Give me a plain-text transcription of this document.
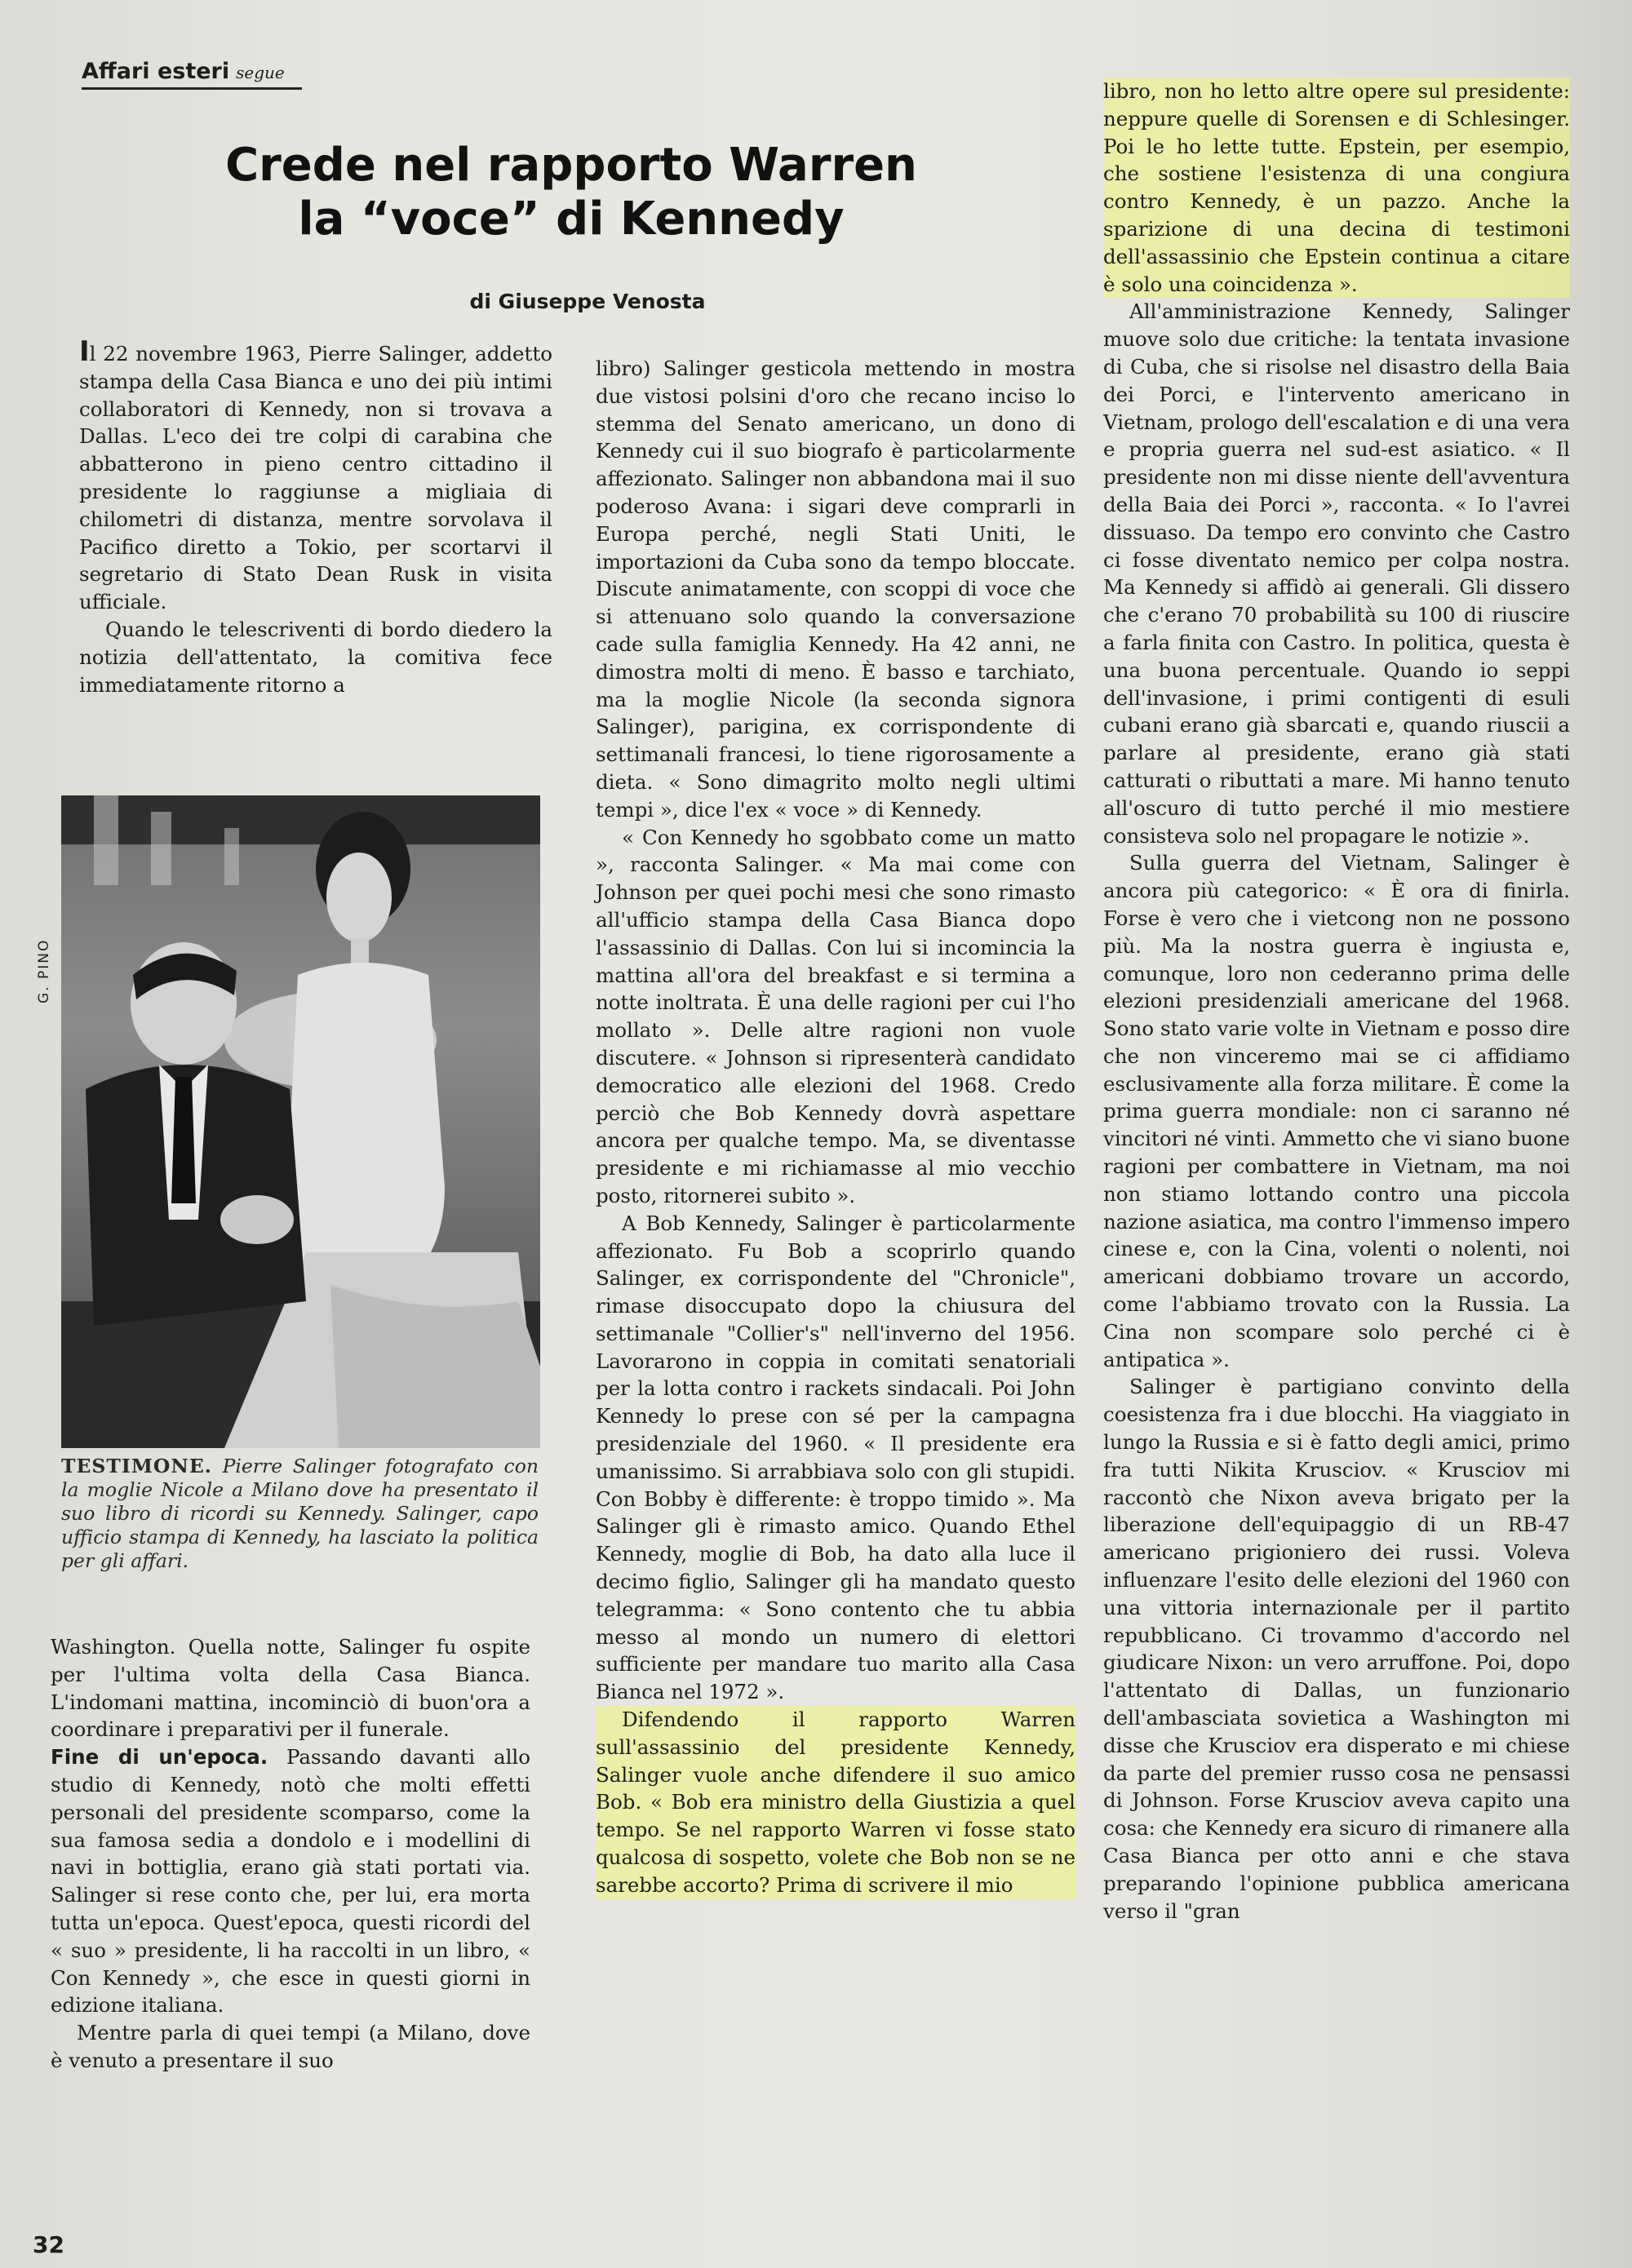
Affari esteri segue
Crede nel rapporto Warren
la “voce” di Kennedy
di Giuseppe Venosta

Il 22 novembre 1963, Pierre Salinger, addetto stampa della Casa Bianca e uno dei più intimi collaboratori di Kennedy, non si trovava a Dallas. L'eco dei tre colpi di carabina che abbatterono in pieno centro cittadino il presidente lo raggiunse a migliaia di chilometri di distanza, mentre sorvolava il Pacifico diretto a Tokio, per scortarvi il segretario di Stato Dean Rusk in visita ufficiale.

Quando le telescriventi di bordo diedero la notizia dell'attentato, la comitiva fece immediatamente ritorno a

G. PINO
TESTIMONE. Pierre Salinger fotografato con la moglie Nicole a Milano dove ha presentato il suo libro di ricordi su Kennedy. Salinger, capo ufficio stampa di Kennedy, ha lasciato la politica per gli affari.

Washington. Quella notte, Salinger fu ospite per l'ultima volta della Casa Bianca. L'indomani mattina, incominciò di buon'ora a coordinare i preparativi per il funerale.

Fine di un'epoca. Passando davanti allo studio di Kennedy, notò che molti effetti personali del presidente scomparso, come la sua famosa sedia a dondolo e i modellini di navi in bottiglia, erano già stati portati via. Salinger si rese conto che, per lui, era morta tutta un'epoca. Quest'epoca, questi ricordi del « suo » presidente, li ha raccolti in un libro, « Con Kennedy », che esce in questi giorni in edizione italiana.

Mentre parla di quei tempi (a Milano, dove è venuto a presentare il suo

libro) Salinger gesticola mettendo in mostra due vistosi polsini d'oro che recano inciso lo stemma del Senato americano, un dono di Kennedy cui il suo biografo è particolarmente affezionato. Salinger non abbandona mai il suo poderoso Avana: i sigari deve comprarli in Europa perché, negli Stati Uniti, le importazioni da Cuba sono da tempo bloccate. Discute animatamente, con scoppi di voce che si attenuano solo quando la conversazione cade sulla famiglia Kennedy. Ha 42 anni, ne dimostra molti di meno. È basso e tarchiato, ma la moglie Nicole (la seconda signora Salinger), parigina, ex corrispondente di settimanali francesi, lo tiene rigorosamente a dieta. « Sono dimagrito molto negli ultimi tempi », dice l'ex « voce » di Kennedy.

« Con Kennedy ho sgobbato come un matto », racconta Salinger. « Ma mai come con Johnson per quei pochi mesi che sono rimasto all'ufficio stampa della Casa Bianca dopo l'assassinio di Dallas. Con lui si incomincia la mattina all'ora del breakfast e si termina a notte inoltrata. È una delle ragioni per cui l'ho mollato ». Delle altre ragioni non vuole discutere. « Johnson si ripresenterà candidato democratico alle elezioni del 1968. Credo perciò che Bob Kennedy dovrà aspettare ancora per qualche tempo. Ma, se diventasse presidente e mi richiamasse al mio vecchio posto, ritornerei subito ».

A Bob Kennedy, Salinger è particolarmente affezionato. Fu Bob a scoprirlo quando Salinger, ex corrispondente del "Chronicle", rimase disoccupato dopo la chiusura del settimanale "Collier's" nell'inverno del 1956. Lavorarono in coppia in comitati senatoriali per la lotta contro i rackets sindacali. Poi John Kennedy lo prese con sé per la campagna presidenziale del 1960. « Il presidente era umanissimo. Si arrabbiava solo con gli stupidi. Con Bobby è differente: è troppo timido ». Ma Salinger gli è rimasto amico. Quando Ethel Kennedy, moglie di Bob, ha dato alla luce il decimo figlio, Salinger gli ha mandato questo telegramma: « Sono contento che tu abbia messo al mondo un numero di elettori sufficiente per mandare tuo marito alla Casa Bianca nel 1972 ».

Difendendo il rapporto Warren sull'assassinio del presidente Kennedy, Salinger vuole anche difendere il suo amico Bob. « Bob era ministro della Giustizia a quel tempo. Se nel rapporto Warren vi fosse stato qualcosa di sospetto, volete che Bob non se ne sarebbe accorto? Prima di scrivere il mio

libro, non ho letto altre opere sul presidente: neppure quelle di Sorensen e di Schlesinger. Poi le ho lette tutte. Epstein, per esempio, che sostiene l'esistenza di una congiura contro Kennedy, è un pazzo. Anche la sparizione di una decina di testimoni dell'assassinio che Epstein continua a citare è solo una coincidenza ».

All'amministrazione Kennedy, Salinger muove solo due critiche: la tentata invasione di Cuba, che si risolse nel disastro della Baia dei Porci, e l'intervento americano in Vietnam, prologo dell'escalation e di una vera e propria guerra nel sud-est asiatico. « Il presidente non mi disse niente dell'avventura della Baia dei Porci », racconta. « Io l'avrei dissuaso. Da tempo ero convinto che Castro ci fosse diventato nemico per colpa nostra. Ma Kennedy si affidò ai generali. Gli dissero che c'erano 70 probabilità su 100 di riuscire a farla finita con Castro. In politica, questa è una buona percentuale. Quando io seppi dell'invasione, i primi contigenti di esuli cubani erano già sbarcati e, quando riuscii a parlare al presidente, erano già stati catturati o ributtati a mare. Mi hanno tenuto all'oscuro di tutto perché il mio mestiere consisteva solo nel propagare le notizie ».

Sulla guerra del Vietnam, Salinger è ancora più categorico: « È ora di finirla. Forse è vero che i vietcong non ne possono più. Ma la nostra guerra è ingiusta e, comunque, loro non cederanno prima delle elezioni presidenziali americane del 1968. Sono stato varie volte in Vietnam e posso dire che non vinceremo mai se ci affidiamo esclusivamente alla forza militare. È come la prima guerra mondiale: non ci saranno né vincitori né vinti. Ammetto che vi siano buone ragioni per combattere in Vietnam, ma noi non stiamo lottando contro una piccola nazione asiatica, ma contro l'immenso impero cinese e, con la Cina, volenti o nolenti, noi americani dobbiamo trovare un accordo, come l'abbiamo trovato con la Russia. La Cina non scompare solo perché ci è antipatica ».

Salinger è partigiano convinto della coesistenza fra i due blocchi. Ha viaggiato in lungo la Russia e si è fatto degli amici, primo fra tutti Nikita Krusciov. « Krusciov mi raccontò che Nixon aveva brigato per la liberazione dell'equipaggio di un RB-47 americano prigioniero dei russi. Voleva influenzare l'esito delle elezioni del 1960 con una vittoria internazionale per il partito repubblicano. Ci trovammo d'accordo nel giudicare Nixon: un vero arruffone. Poi, dopo l'attentato di Dallas, un funzionario dell'ambasciata sovietica a Washington mi disse che Krusciov era disperato e mi chiese da parte del premier russo cosa ne pensassi di Johnson. Forse Krusciov aveva capito una cosa: che Kennedy era sicuro di rimanere alla Casa Bianca per otto anni e che stava preparando l'opinione pubblica americana verso il "gran

32
